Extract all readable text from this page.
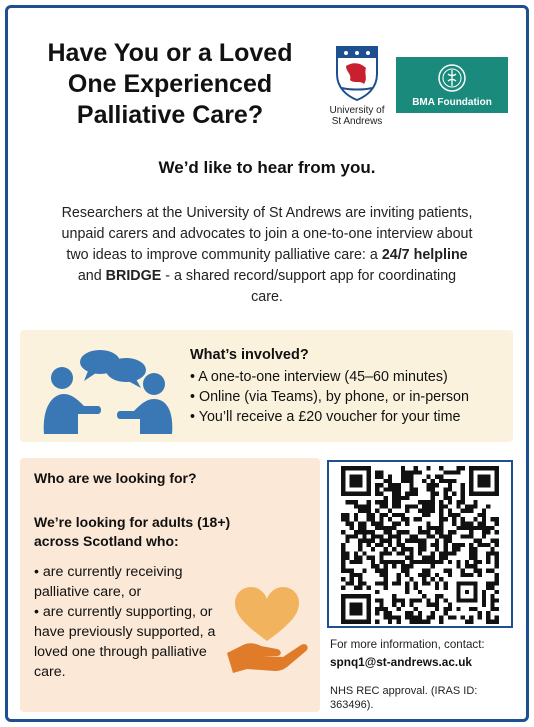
Have You or a Loved One Experienced Palliative Care?	University of St Andrews
BMA Foundation
We’d like to hear from you.

Researchers at the University of St Andrews are inviting patients, unpaid carers and advocates to join a one-to-one interview about two ideas to improve community palliative care: a 24/7 helpline and BRIDGE - a shared record/support app for coordinating care.

What’s involved?
• A one-to-one interview (45–60 minutes)
• Online (via Teams), by phone, or in-person
• You’ll receive a £20 voucher for your time
Who are we looking for?
We’re looking for adults (18+) across Scotland who:
• are currently receiving palliative care, or
• are currently supporting, or have previously supported, a loved one through palliative care.
For more information, contact:
spnq1@st-andrews.ac.uk
NHS REC approval. (IRAS ID: 363496).
